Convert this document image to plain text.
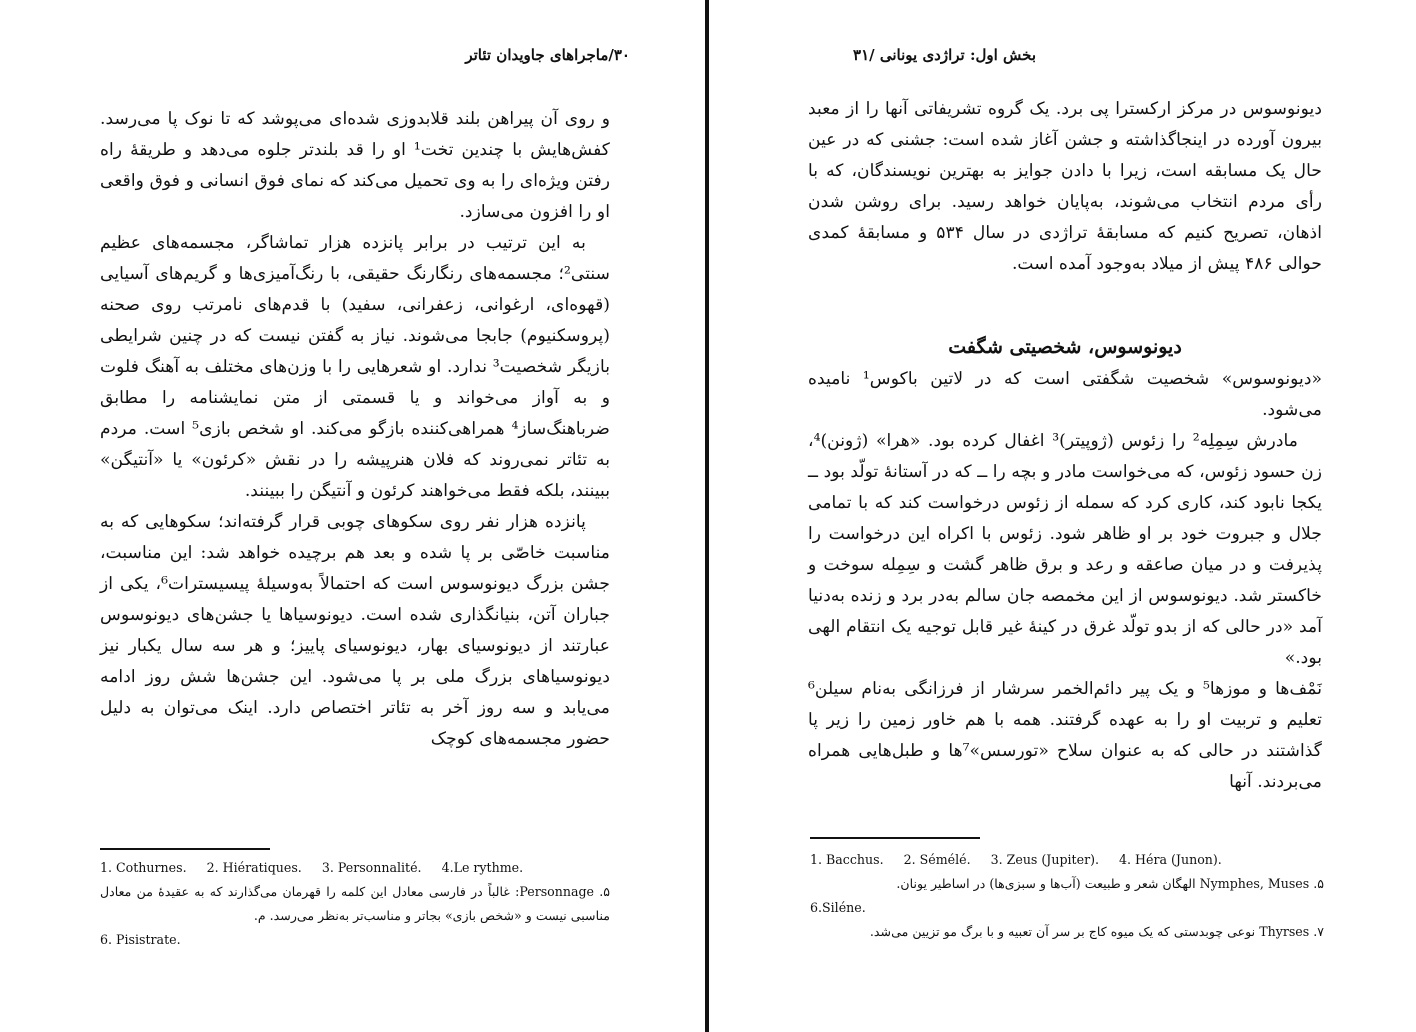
۳۰/ماجراهای جاویدان تئاتر

و روی آن پیراهن بلند قلابدوزی شده‌ای می‌پوشد که تا نوک پا می‌رسد. کفش‌هایش با چندین تخت¹ او را قد بلندتر جلوه می‌دهد و طریقهٔ راه رفتن ویژه‌ای را به وی تحمیل می‌کند که نمای فوق انسانی و فوق واقعی او را افزون می‌سازد.

به این ترتیب در برابر پانزده هزار تماشاگر، مجسمه‌های عظیم سنتی²؛ مجسمه‌های رنگارنگ حقیقی، با رنگ‌آمیزی‌ها و گریم‌های آسیایی (قهوه‌ای، ارغوانی، زعفرانی، سفید) با قدم‌های نامرتب روی صحنه (پروسکنیوم) جابجا می‌شوند. نیاز به گفتن نیست که در چنین شرایطی بازیگر شخصیت³ ندارد. او شعرهایی را با وزن‌های مختلف به آهنگ فلوت و به آواز می‌خواند و یا قسمتی از متن نمایشنامه را مطابق ضرباهنگ‌ساز⁴ همراهی‌کننده بازگو می‌کند. او شخص بازی⁵ است. مردم به تئاتر نمی‌روند که فلان هنرپیشه را در نقش «کرئون» یا «آنتیگن» ببینند، بلکه فقط می‌خواهند کرئون و آنتیگن را ببینند.

پانزده هزار نفر روی سکوهای چوبی قرار گرفته‌اند؛ سکوهایی که به مناسبت خاصّی بر پا شده و بعد هم برچیده خواهد شد: این مناسبت، جشن بزرگ دیونوسوس است که احتمالاً به‌وسیلهٔ پیسیسترات⁶، یکی از جباران آتن، بنیانگذاری شده است. دیونوسیاها یا جشن‌های دیونوسوس عبارتند از دیونوسیای بهار، دیونوسیای پاییز؛ و هر سه سال یکبار نیز دیونوسیاهای بزرگ ملی بر پا می‌شود. این جشن‌ها شش روز ادامه می‌یابد و سه روز آخر به تئاتر اختصاص دارد. اینک می‌توان به دلیل حضور مجسمه‌های کوچک

1. Cothurnes. 2. Hiératiques. 3. Personnalité. 4.Le rythme.
۵. Personnage: غالباً در فارسی معادل این کلمه را قهرمان می‌گذارند که به عقیدهٔ من معادل مناسبی نیست و «شخص بازی» بجاتر و مناسب‌تر به‌نظر می‌رسد. م.
6. Pisistrate.
بخش اول: تراژدی یونانی /۳۱

دیونوسوس در مرکز ارکسترا پی برد. یک گروه تشریفاتی آنها را از معبد بیرون آورده در اینجاگذاشته و جشن آغاز شده است: جشنی که در عین حال یک مسابقه است، زیرا با دادن جوایز به بهترین نویسندگان، که با رأی مردم انتخاب می‌شوند، به‌پایان خواهد رسید. برای روشن شدن اذهان، تصریح کنیم که مسابقهٔ تراژدی در سال ۵۳۴ و مسابقهٔ کمدی حوالی ۴۸۶ پیش از میلاد به‌وجود آمده است.

دیونوسوس، شخصیتی شگفت

«دیونوسوس» شخصیت شگفتی است که در لاتین باکوس¹ نامیده می‌شود.

مادرش سِمِلِه² را زئوس (ژوپیتر)³ اغفال کرده بود. «هرا» (ژونن)⁴، زن حسود زئوس، که می‌خواست مادر و بچه را ــ که در آستانهٔ تولّد بود ــ یکجا نابود کند، کاری کرد که سمله از زئوس درخواست کند که با تمامی جلال و جبروت خود بر او ظاهر شود. زئوس با اکراه این درخواست را پذیرفت و در میان صاعقه و رعد و برق ظاهر گشت و سِمِله سوخت و خاکستر شد. دیونوسوس از این مخمصه جان سالم به‌در برد و زنده به‌دنیا آمد «در حالی که از بدو تولّد غرق در کینهٔ غیر قابل توجیه یک انتقام الهی بود.»

نَمْف‌ها و موزها⁵ و یک پیر دائم‌الخمر سرشار از فرزانگی به‌نام سیلن⁶ تعلیم و تربیت او را به عهده گرفتند. همه با هم خاور زمین را زیر پا گذاشتند در حالی که به عنوان سلاح «تورسس»⁷ها و طبل‌هایی همراه می‌بردند. آنها

1. Bacchus. 2. Sémélé. 3. Zeus (Jupiter). 4. Héra (Junon).
۵. Nymphes, Muses الهگان شعر و طبیعت (آب‌ها و سبزی‌ها) در اساطیر یونان.
6.Siléne.
۷. Thyrses نوعی چوبدستی که یک میوه کاج بر سر آن تعبیه و با برگ مو تزیین می‌شد.
